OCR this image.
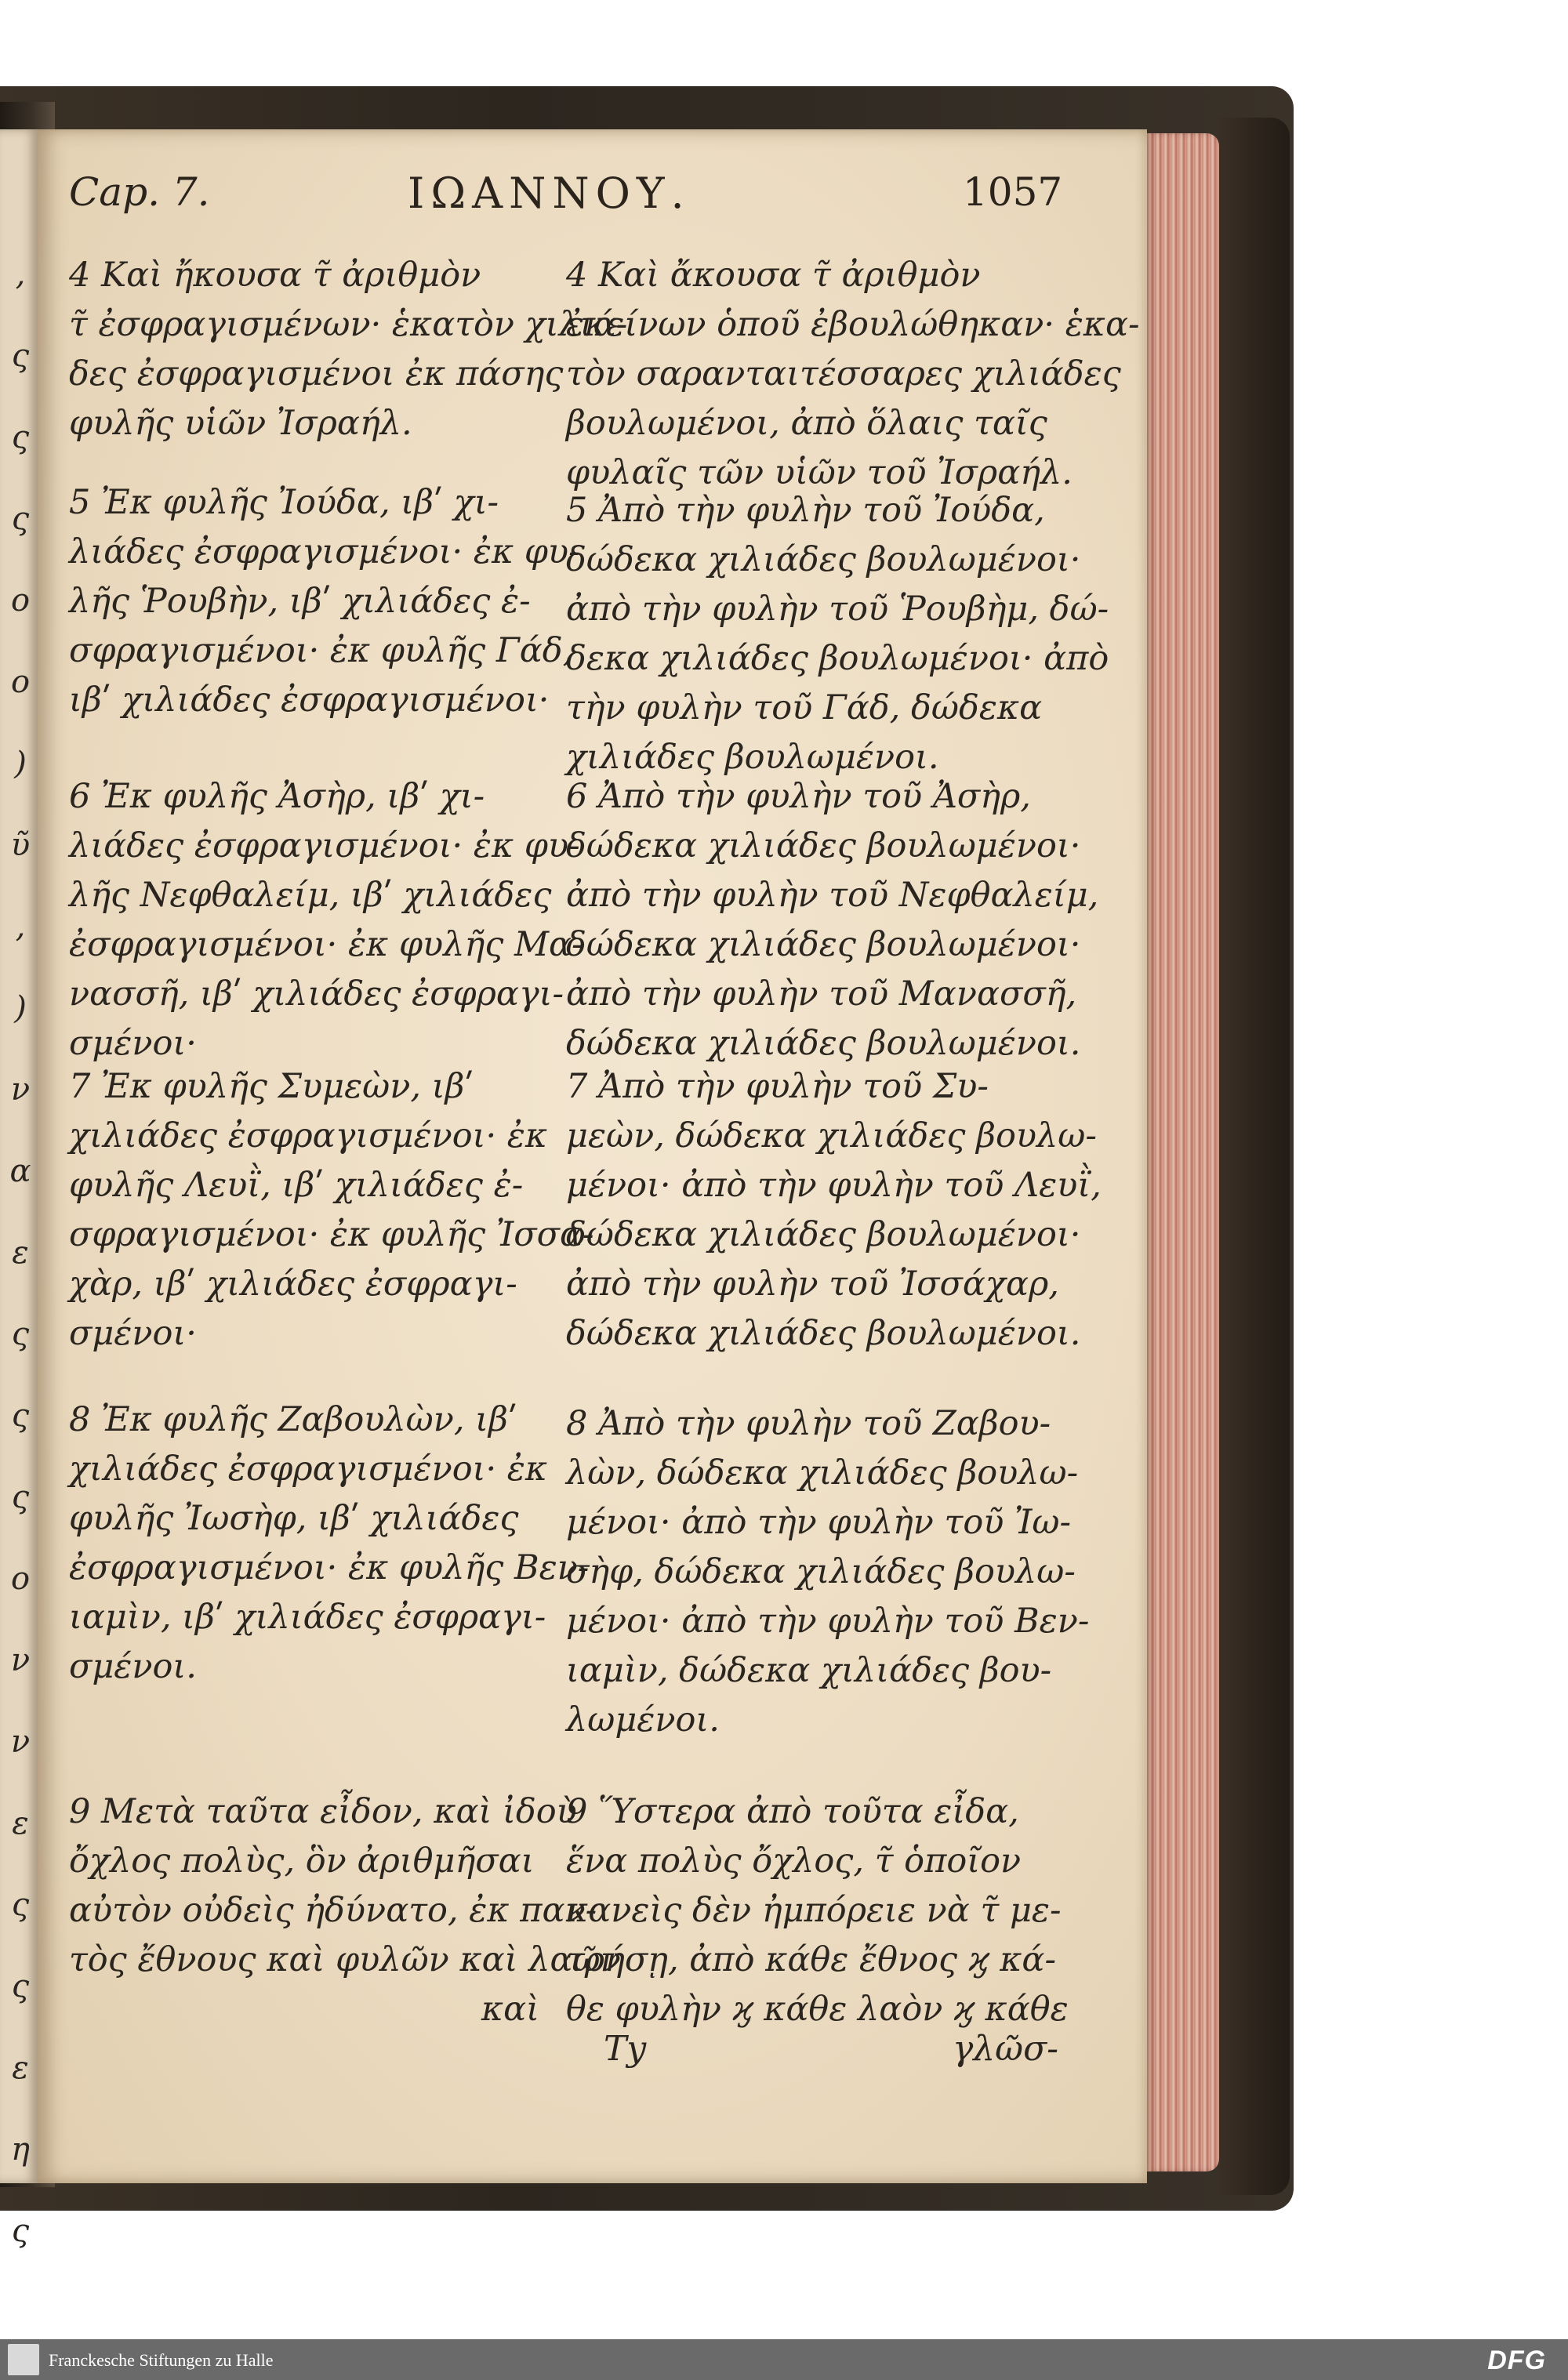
,
ς
ς
ς
ο
ο
)
ῦ
,
)
ν
α
ε
ς
ς
ς
ο
ν
ν
ε
ς
ς
ε
η
ς
Cap. 7.	ΙΩΑΝΝΟΥ.	1057
4 Καὶ ἤκουσα τ̃ ἀριθμὸν
τ̃ ἐσφραγισμένων· ἑκατὸν χιλιά-
δες ἐσφραγισμένοι ἐκ πάσης
φυλῆς υἱῶν Ἰσραήλ.
5 Ἐκ φυλῆς Ἰούδα, ιβʹ χι-
λιάδες ἐσφραγισμένοι· ἐκ φυ-
λῆς Ῥουβὴν, ιβʹ χιλιάδες ἐ-
σφραγισμένοι· ἐκ φυλῆς Γάδ,
ιβʹ χιλιάδες ἐσφραγισμένοι·
6 Ἐκ φυλῆς Ἀσὴρ, ιβʹ χι-
λιάδες ἐσφραγισμένοι· ἐκ φυ-
λῆς Νεφθαλείμ, ιβʹ χιλιάδες
ἐσφραγισμένοι· ἐκ φυλῆς Μα-
νασσῆ, ιβʹ χιλιάδες ἐσφραγι-
σμένοι·
7 Ἐκ φυλῆς Συμεὼν, ιβʹ
χιλιάδες ἐσφραγισμένοι· ἐκ
φυλῆς Λευῒ, ιβʹ χιλιάδες ἐ-
σφραγισμένοι· ἐκ φυλῆς Ἰσσα-
χὰρ, ιβʹ χιλιάδες ἐσφραγι-
σμένοι·
8 Ἐκ φυλῆς Ζαβουλὼν, ιβʹ
χιλιάδες ἐσφραγισμένοι· ἐκ
φυλῆς Ἰωσὴφ, ιβʹ χιλιάδες
ἐσφραγισμένοι· ἐκ φυλῆς Βεν-
ιαμὶν, ιβʹ χιλιάδες ἐσφραγι-
σμένοι.
9 Μετὰ ταῦτα εἶδον, καὶ ἰδοὺ
ὄχλος πολὺς, ὃν ἀριθμῆσαι
αὐτὸν οὐδεὶς ἠδύνατο, ἐκ παν-
τὸς ἔθνους καὶ φυλῶν καὶ λαῶν
καὶ
4 Καὶ ἄκουσα τ̃ ἀριθμὸν
ἐκείνων ὁποῦ ἐβουλώθηκαν· ἑκα-
τὸν σαρανταιτέσσαρες χιλιάδες
βουλωμένοι, ἀπὸ ὅλαις ταῖς
φυλαῖς τῶν υἱῶν τοῦ Ἰσραήλ.
5 Ἀπὸ τὴν φυλὴν τοῦ Ἰούδα,
δώδεκα χιλιάδες βουλωμένοι·
ἀπὸ τὴν φυλὴν τοῦ Ῥουβὴμ, δώ-
δεκα χιλιάδες βουλωμένοι· ἀπὸ
τὴν φυλὴν τοῦ Γάδ, δώδεκα
χιλιάδες βουλωμένοι.
6 Ἀπὸ τὴν φυλὴν τοῦ Ἀσὴρ,
δώδεκα χιλιάδες βουλωμένοι·
ἀπὸ τὴν φυλὴν τοῦ Νεφθαλείμ,
δώδεκα χιλιάδες βουλωμένοι·
ἀπὸ τὴν φυλὴν τοῦ Μανασσῆ,
δώδεκα χιλιάδες βουλωμένοι.
7 Ἀπὸ τὴν φυλὴν τοῦ Συ-
μεὼν, δώδεκα χιλιάδες βουλω-
μένοι· ἀπὸ τὴν φυλὴν τοῦ Λευῒ,
δώδεκα χιλιάδες βουλωμένοι·
ἀπὸ τὴν φυλὴν τοῦ Ἰσσάχαρ,
δώδεκα χιλιάδες βουλωμένοι.
8 Ἀπὸ τὴν φυλὴν τοῦ Ζαβου-
λὼν, δώδεκα χιλιάδες βουλω-
μένοι· ἀπὸ τὴν φυλὴν τοῦ Ἰω-
σὴφ, δώδεκα χιλιάδες βουλω-
μένοι· ἀπὸ τὴν φυλὴν τοῦ Βεν-
ιαμὶν, δώδεκα χιλιάδες βου-
λωμένοι.
9 Ὕστερα ἀπὸ τοῦτα εἶδα,
ἕνα πολὺς ὄχλος, τ̃ ὁποῖον
κανεὶς δὲν ἠμπόρειε νὰ τ̃ με-
τρήσῃ, ἀπὸ κάθε ἔθνος ϗ κά-
θε φυλὴν ϗ κάθε λαὸν ϗ κάθε
Ty	γλῶσ-
Franckesche Stiftungen zu Halle	DFG
